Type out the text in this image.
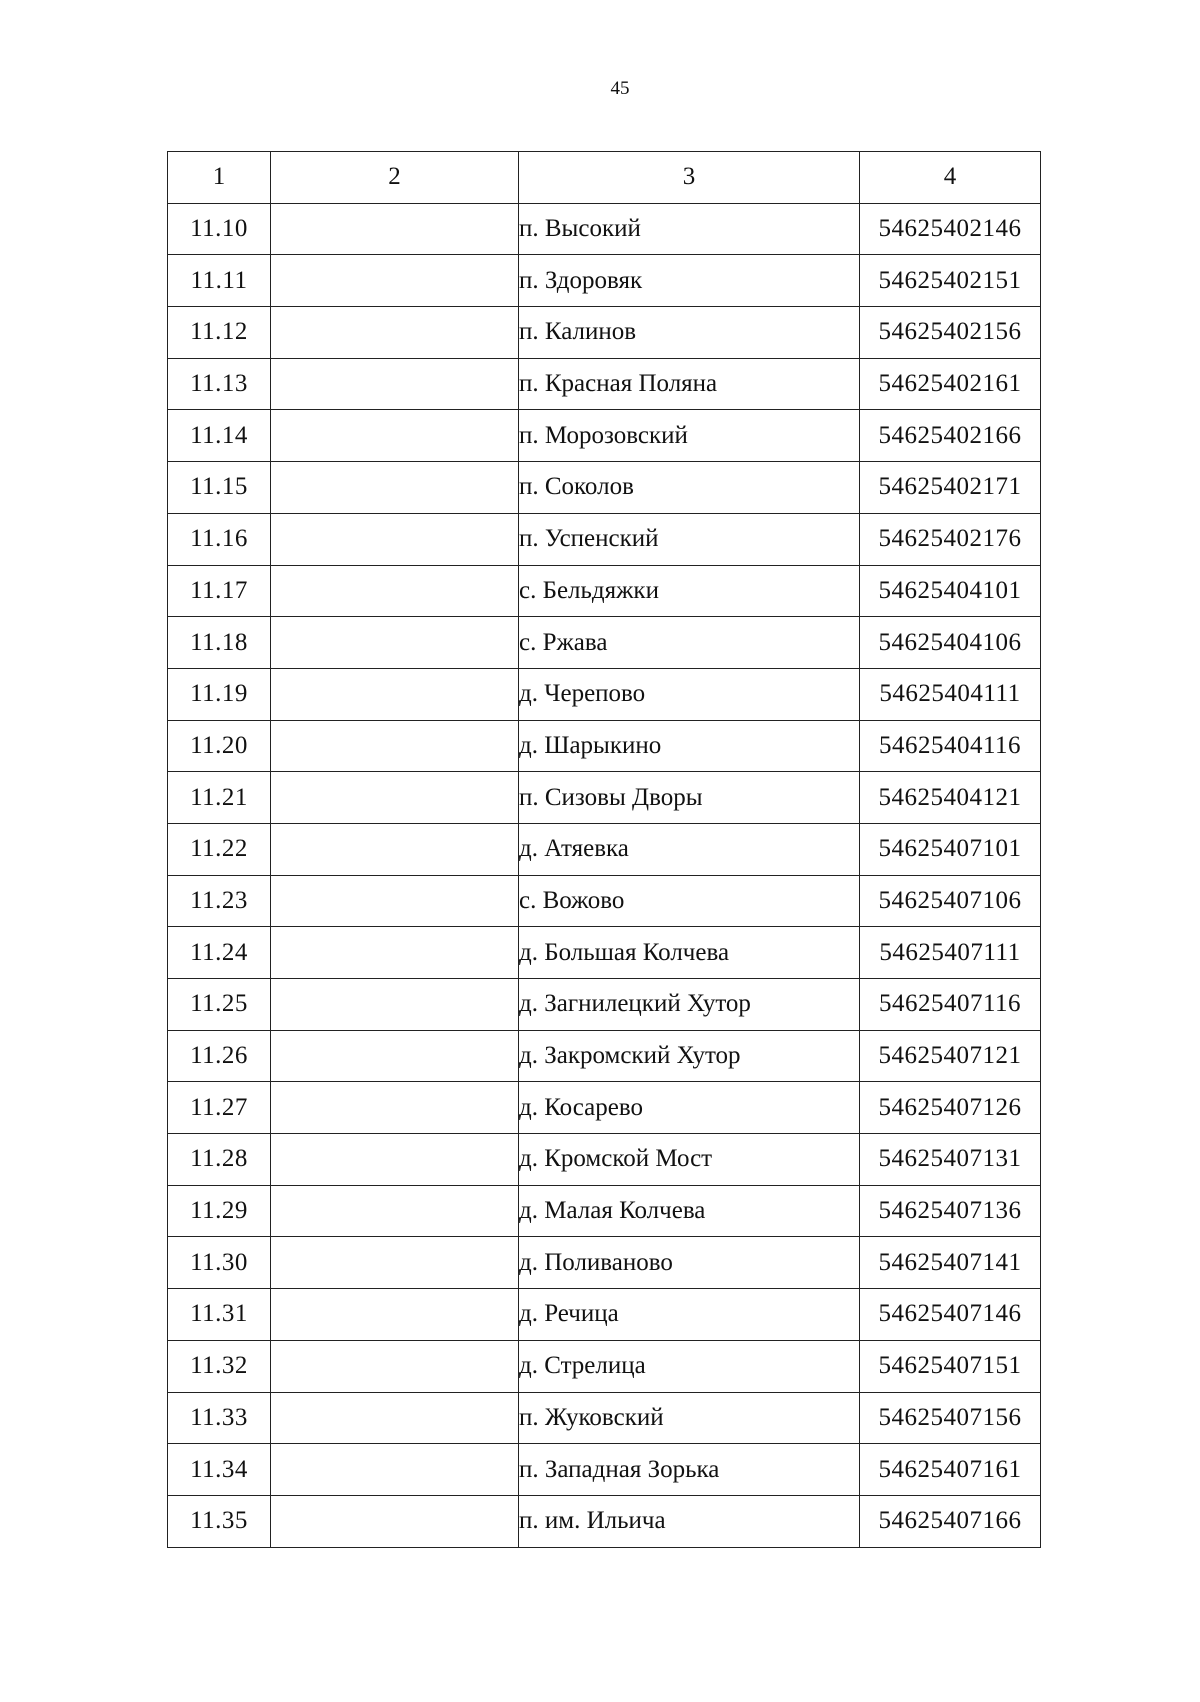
45
1	2	3	4
11.10		п. Высокий	54625402146
11.11		п. Здоровяк	54625402151
11.12		п. Калинов	54625402156
11.13		п. Красная Поляна	54625402161
11.14		п. Морозовский	54625402166
11.15		п. Соколов	54625402171
11.16		п. Успенский	54625402176
11.17		с. Бельдяжки	54625404101
11.18		с. Ржава	54625404106
11.19		д. Черепово	54625404111
11.20		д. Шарыкино	54625404116
11.21		п. Сизовы Дворы	54625404121
11.22		д. Атяевка	54625407101
11.23		с. Вожово	54625407106
11.24		д. Большая Колчева	54625407111
11.25		д. Загнилецкий Хутор	54625407116
11.26		д. Закромский Хутор	54625407121
11.27		д. Косарево	54625407126
11.28		д. Кромской Мост	54625407131
11.29		д. Малая Колчева	54625407136
11.30		д. Поливаново	54625407141
11.31		д. Речица	54625407146
11.32		д. Стрелица	54625407151
11.33		п. Жуковский	54625407156
11.34		п. Западная Зорька	54625407161
11.35		п. им. Ильича	54625407166
